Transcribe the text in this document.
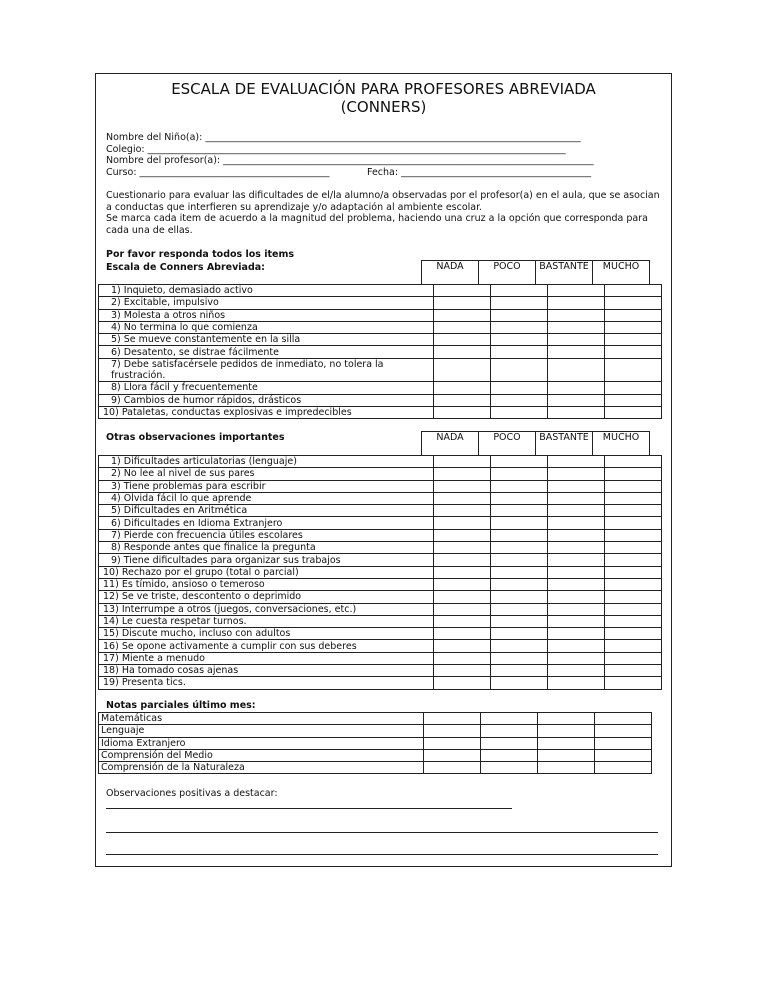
ESCALA DE EVALUACIÓN PARA PROFESORES ABREVIADA
(CONNERS)
Nombre del Niño(a): _______________________________________________________________________________
Colegio: ________________________________________________________________________________________
Nombre del profesor(a): ______________________________________________________________________________
Curso: ________________________________________	Fecha: ________________________________________

Cuestionario para evaluar las dificultades de el/la alumno/a observadas por el profesor(a) en el aula, que se asocian a conductas que interfieren su aprendizaje y/o adaptación al ambiente escolar.

Se marca cada item de acuerdo a la magnitud del problema, haciendo una cruz a la opción que corresponda para cada una de ellas.

Por favor responda todos los items
Escala de Conners Abreviada:	NADA	POCO	BASTANTE	MUCHO
1) Inquieto, demasiado activo				
2) Excitable, impulsivo				
3) Molesta a otros niños				
4) No termina lo que comienza				
5) Se mueve constantemente en la silla				
6) Desatento, se distrae fácilmente				
7) Debe satisfacérsele pedidos de inmediato, no tolera la frustración.				
8) Llora fácil y frecuentemente				
9) Cambios de humor rápidos, drásticos				
10) Pataletas, conductas explosivas e impredecibles				
Otras observaciones importantes	NADA	POCO	BASTANTE	MUCHO
1) Dificultades articulatorias (lenguaje)				
2) No lee al nivel de sus pares				
3) Tiene problemas para escribir				
4) Olvida fácil lo que aprende				
5) Dificultades en Aritmética				
6) Dificultades en Idioma Extranjero				
7) Pierde con frecuencia útiles escolares				
8) Responde antes que finalice la pregunta				
9) Tiene dificultades para organizar sus trabajos				
10) Rechazo por el grupo (total o parcial)				
11) Es tímido, ansioso o temeroso				
12) Se ve triste, descontento o deprimido				
13) Interrumpe a otros (juegos, conversaciones, etc.)				
14) Le cuesta respetar turnos.				
15) Discute mucho, incluso con adultos				
16) Se opone activamente a cumplir con sus deberes				
17) Miente a menudo				
18) Ha tomado cosas ajenas				
19) Presenta tics.				
Notas parciales último mes:
Matemáticas				
Lenguaje				
Idioma Extranjero				
Comprensión del Medio				
Comprensión de la Naturaleza				
Observaciones positivas a destacar:
